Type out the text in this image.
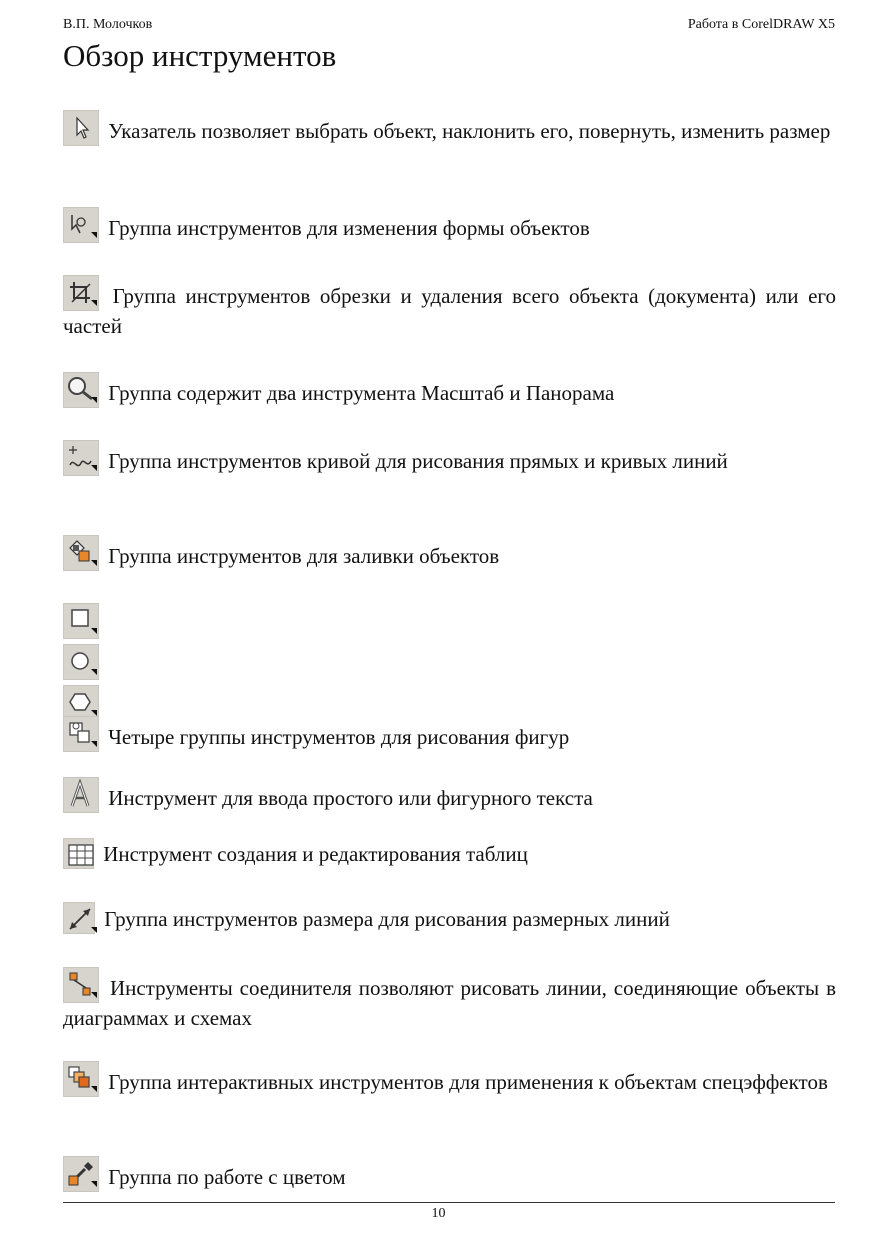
В.П. Молочков	Работа в CorelDRAW X5
Обзор инструментов
Указатель позволяет выбрать объект, наклонить его, повернуть, изменить размер
Группа инструментов для изменения формы объектов
Группа инструментов обрезки и удаления всего объекта (документа) или его частей
Группа содержит два инструмента Масштаб и Панорама
Группа инструментов кривой для рисования прямых и кривых линий
Группа инструментов для заливки объектов
Четыре группы инструментов для рисования фигур
Инструмент для ввода простого или фигурного текста
Инструмент создания и редактирования таблиц
Группа инструментов размера для рисования размерных линий
Инструменты соединителя позволяют рисовать линии, соединяющие объекты в диаграммах и схемах
Группа интерактивных инструментов для применения к объектам спецэффектов
Группа по работе с цветом
10
